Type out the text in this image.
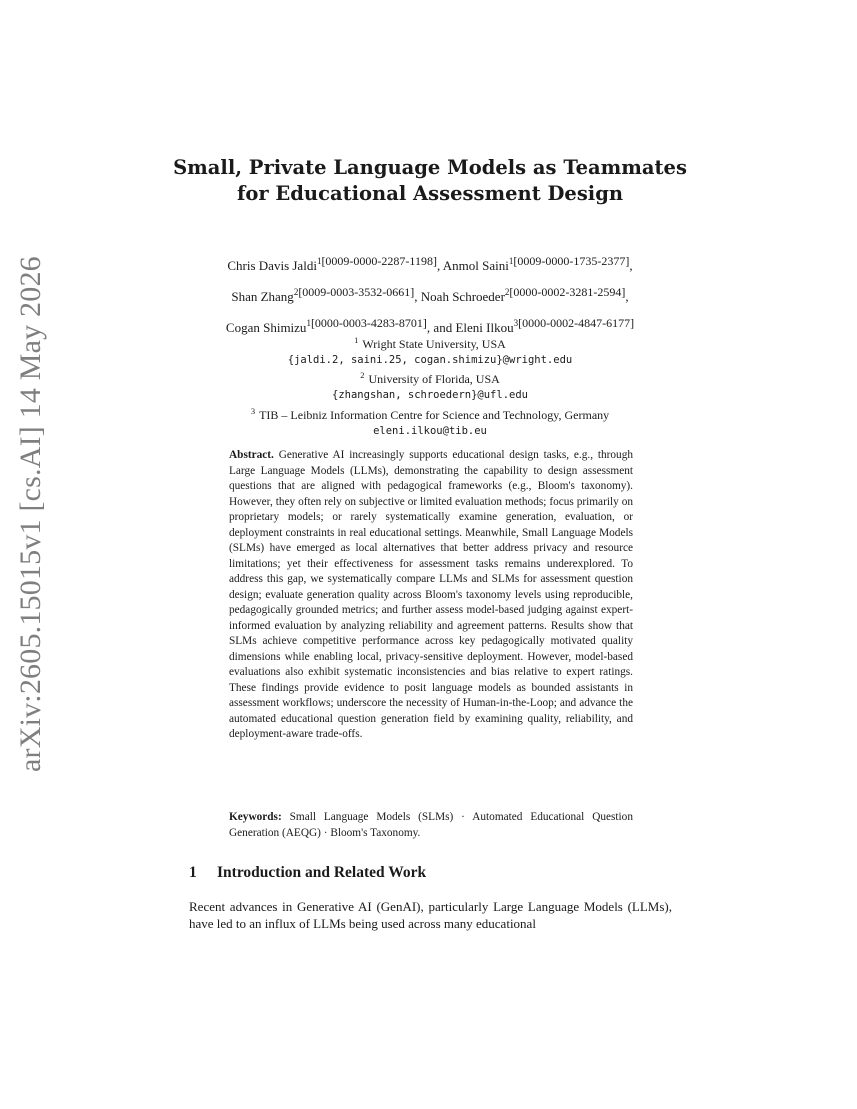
arXiv:2605.15015v1 [cs.AI] 14 May 2026
Small, Private Language Models as Teammates
for Educational Assessment Design
Chris Davis Jaldi$^1$[0009-0000-2287-1198], Anmol Saini$^1$[0009-0000-1735-2377],
Shan Zhang$^2$[0009-0003-3532-0661], Noah Schroeder$^2$[0000-0002-3281-2594],
Cogan Shimizu$^1$[0000-0003-4283-8701], and Eleni Ilkou$^3$[0000-0002-4847-6177]
$^1$ Wright State University, USA
{jaldi.2, saini.25, cogan.shimizu}@wright.edu
$^2$ University of Florida, USA
{zhangshan, schroedern}@ufl.edu
$^3$ TIB – Leibniz Information Centre for Science and Technology, Germany
eleni.ilkou@tib.eu
Abstract. Generative AI increasingly supports educational design tasks, e.g., through Large Language Models (LLMs), demonstrating the capability to design assessment questions that are aligned with pedagogical frameworks (e.g., Bloom's taxonomy). However, they often rely on subjective or limited evaluation methods; focus primarily on proprietary models; or rarely systematically examine generation, evaluation, or deployment constraints in real educational settings. Meanwhile, Small Language Models (SLMs) have emerged as local alternatives that better address privacy and resource limitations; yet their effectiveness for assessment tasks remains underexplored. To address this gap, we systematically compare LLMs and SLMs for assessment question design; evaluate generation quality across Bloom's taxonomy levels using reproducible, pedagogically grounded metrics; and further assess model-based judging against expert-informed evaluation by analyzing reliability and agreement patterns. Results show that SLMs achieve competitive performance across key pedagogically motivated quality dimensions while enabling local, privacy-sensitive deployment. However, model-based evaluations also exhibit systematic inconsistencies and bias relative to expert ratings. These findings provide evidence to posit language models as bounded assistants in assessment workflows; underscore the necessity of Human-in-the-Loop; and advance the automated educational question generation field by examining quality, reliability, and deployment-aware trade-offs.
Keywords: Small Language Models (SLMs) · Automated Educational Question Generation (AEQG) · Bloom's Taxonomy.
1 Introduction and Related Work
Recent advances in Generative AI (GenAI), particularly Large Language Models (LLMs), have led to an influx of LLMs being used across many educational
